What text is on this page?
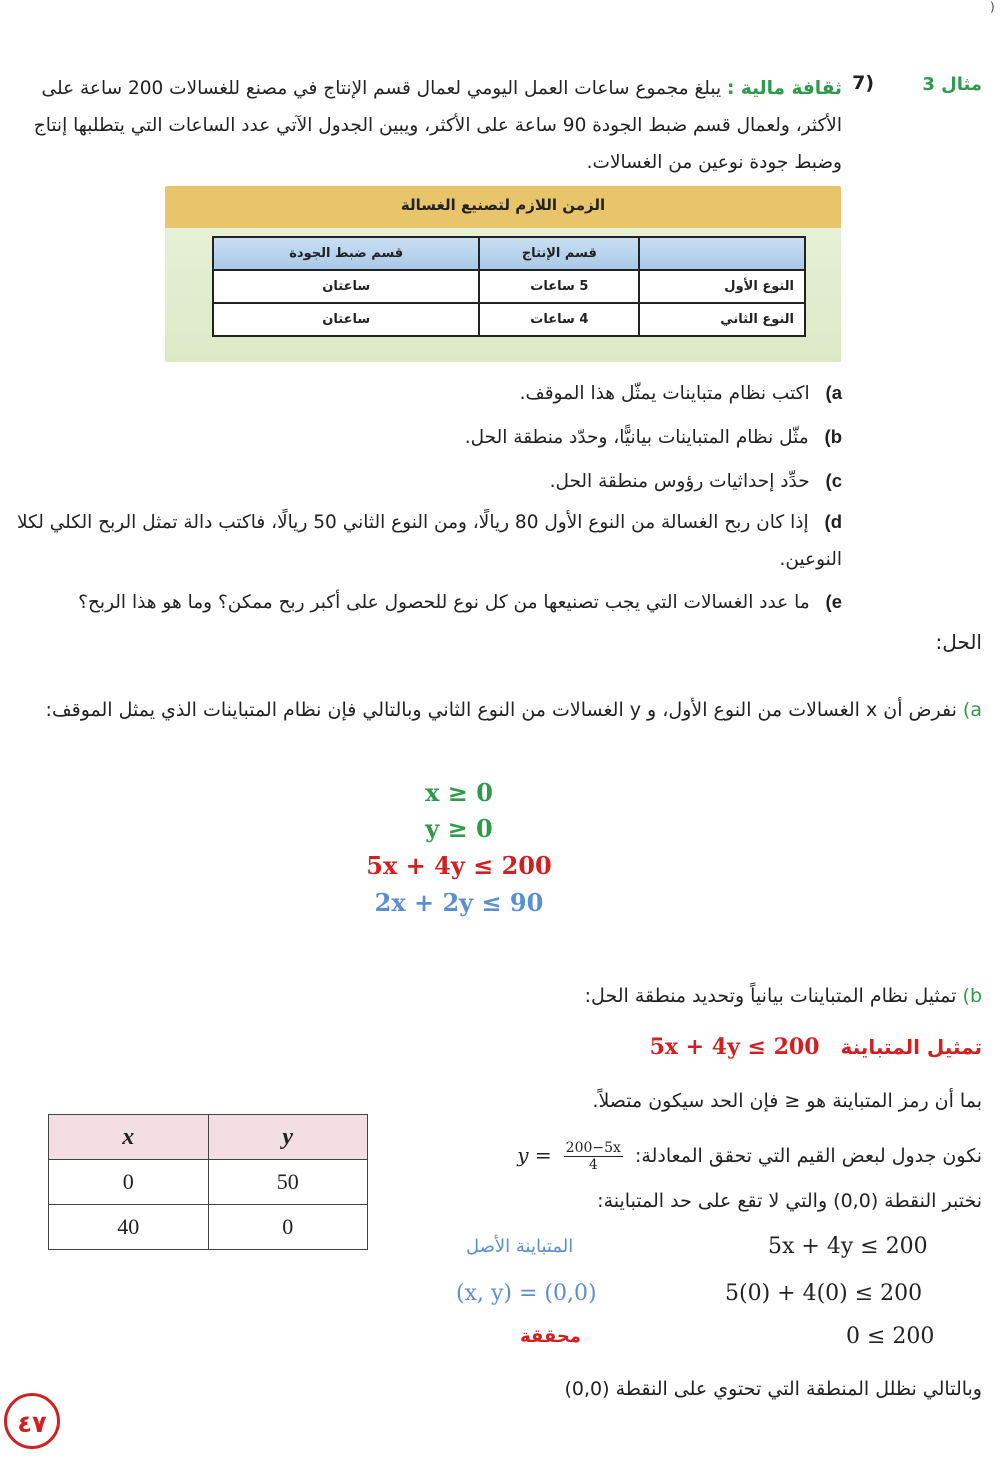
)
مثال 3
7)
ثقافة مالية : يبلغ مجموع ساعات العمل اليومي لعمال قسم الإنتاج في مصنع للغسالات 200 ساعة على الأكثر، ولعمال قسم ضبط الجودة 90 ساعة على الأكثر، ويبين الجدول الآتي عدد الساعات التي يتطلبها إنتاج وضبط جودة نوعين من الغسالات.
الزمن اللازم لتصنيع الغسالة
	قسم الإنتاج	قسم ضبط الجودة
النوع الأول	5 ساعات	ساعتان
النوع الثاني	4 ساعات	ساعتان
a) اكتب نظام متباينات يمثّل هذا الموقف.
b) مثّل نظام المتباينات بيانيًّا، وحدّد منطقة الحل.
c) حدِّد إحداثيات رؤوس منطقة الحل.
d) إذا كان ربح الغسالة من النوع الأول 80 ريالًا، ومن النوع الثاني 50 ريالًا، فاكتب دالة تمثل الربح الكلي لكلا النوعين.
e) ما عدد الغسالات التي يجب تصنيعها من كل نوع للحصول على أكبر ربح ممكن؟ وما هو هذا الربح؟
الحل:
a) نفرض أن x الغسالات من النوع الأول، و y الغسالات من النوع الثاني وبالتالي فإن نظام المتباينات الذي يمثل الموقف:
x ≥ 0
y ≥ 0
5x + 4y ≤ 200
2x + 2y ≤ 90
b) تمثيل نظام المتباينات بيانياً وتحديد منطقة الحل:
تمثيل المتباينة 5x + 4y ≤ 200
بما أن رمز المتباينة هو ≤ فإن الحد سيكون متصلاً.
نكون جدول لبعض القيم التي تحقق المعادلة:
$\frac{200-5x}{4}$
y =
نختبر النقطة (0,0) والتي لا تقع على حد المتباينة:
x	y
0	50
40	0
5x + 4y ≤ 200
المتباينة الأصل
5(0) + 4(0) ≤ 200
(x, y) = (0,0)
0 ≤ 200
محققة
وبالتالي نظلل المنطقة التي تحتوي على النقطة (0,0)
٤٧
